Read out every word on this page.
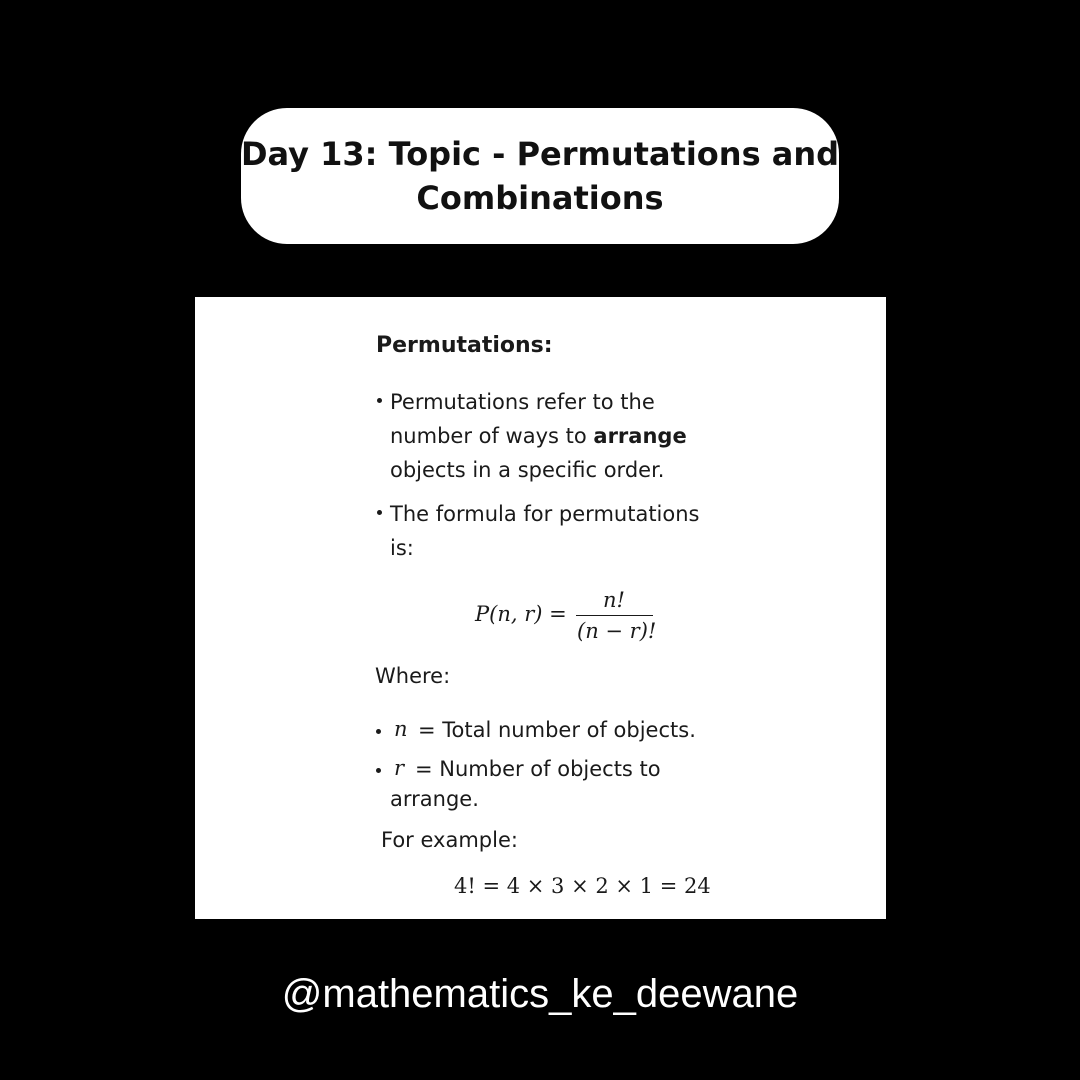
Day 13: Topic - Permutations and
Combinations
Permutations:
Permutations refer to the
number of ways to arrange
objects in a specific order.
The formula for permutations
is:
P(n, r) =
n!
(n − r)!
Where:
n = Total number of objects.
r = Number of objects to
arrange.
For example:
4! = 4 × 3 × 2 × 1 = 24
@mathematics_ke_deewane
